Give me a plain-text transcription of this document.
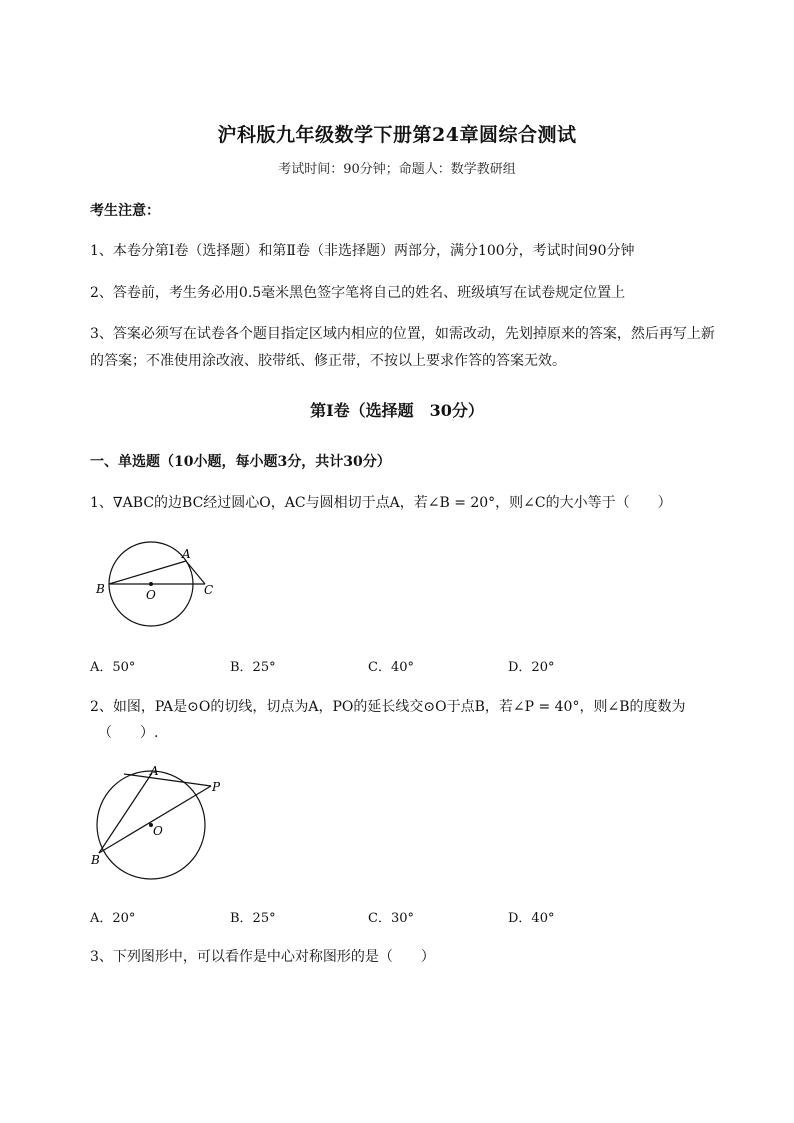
沪科版九年级数学下册第24章圆综合测试
考试时间：90分钟；命题人：数学教研组
考生注意：
1、本卷分第I卷（选择题）和第Ⅱ卷（非选择题）两部分，满分100分，考试时间90分钟
2、答卷前，考生务必用0.5毫米黑色签字笔将自己的姓名、班级填写在试卷规定位置上
3、答案必须写在试卷各个题目指定区域内相应的位置，如需改动，先划掉原来的答案，然后再写上新的答案；不准使用涂改液、胶带纸、修正带，不按以上要求作答的答案无效。
第I卷（选择题　30分）
一、单选题（10小题，每小题3分，共计30分）
1、∇ABC的边BC经过圆心O，AC与圆相切于点A，若∠B = 20°，则∠C的大小等于（　　）
A
B	O	C
A．50°	B．25°	C．40°	D．20°
2、如图，PA是⊙O的切线，切点为A，PO的延长线交⊙O于点B，若∠P = 40°，则∠B的度数为
（　　）.
A
P
O
B
A．20°	B．25°	C．30°	D．40°
3、下列图形中，可以看作是中心对称图形的是（　　）
